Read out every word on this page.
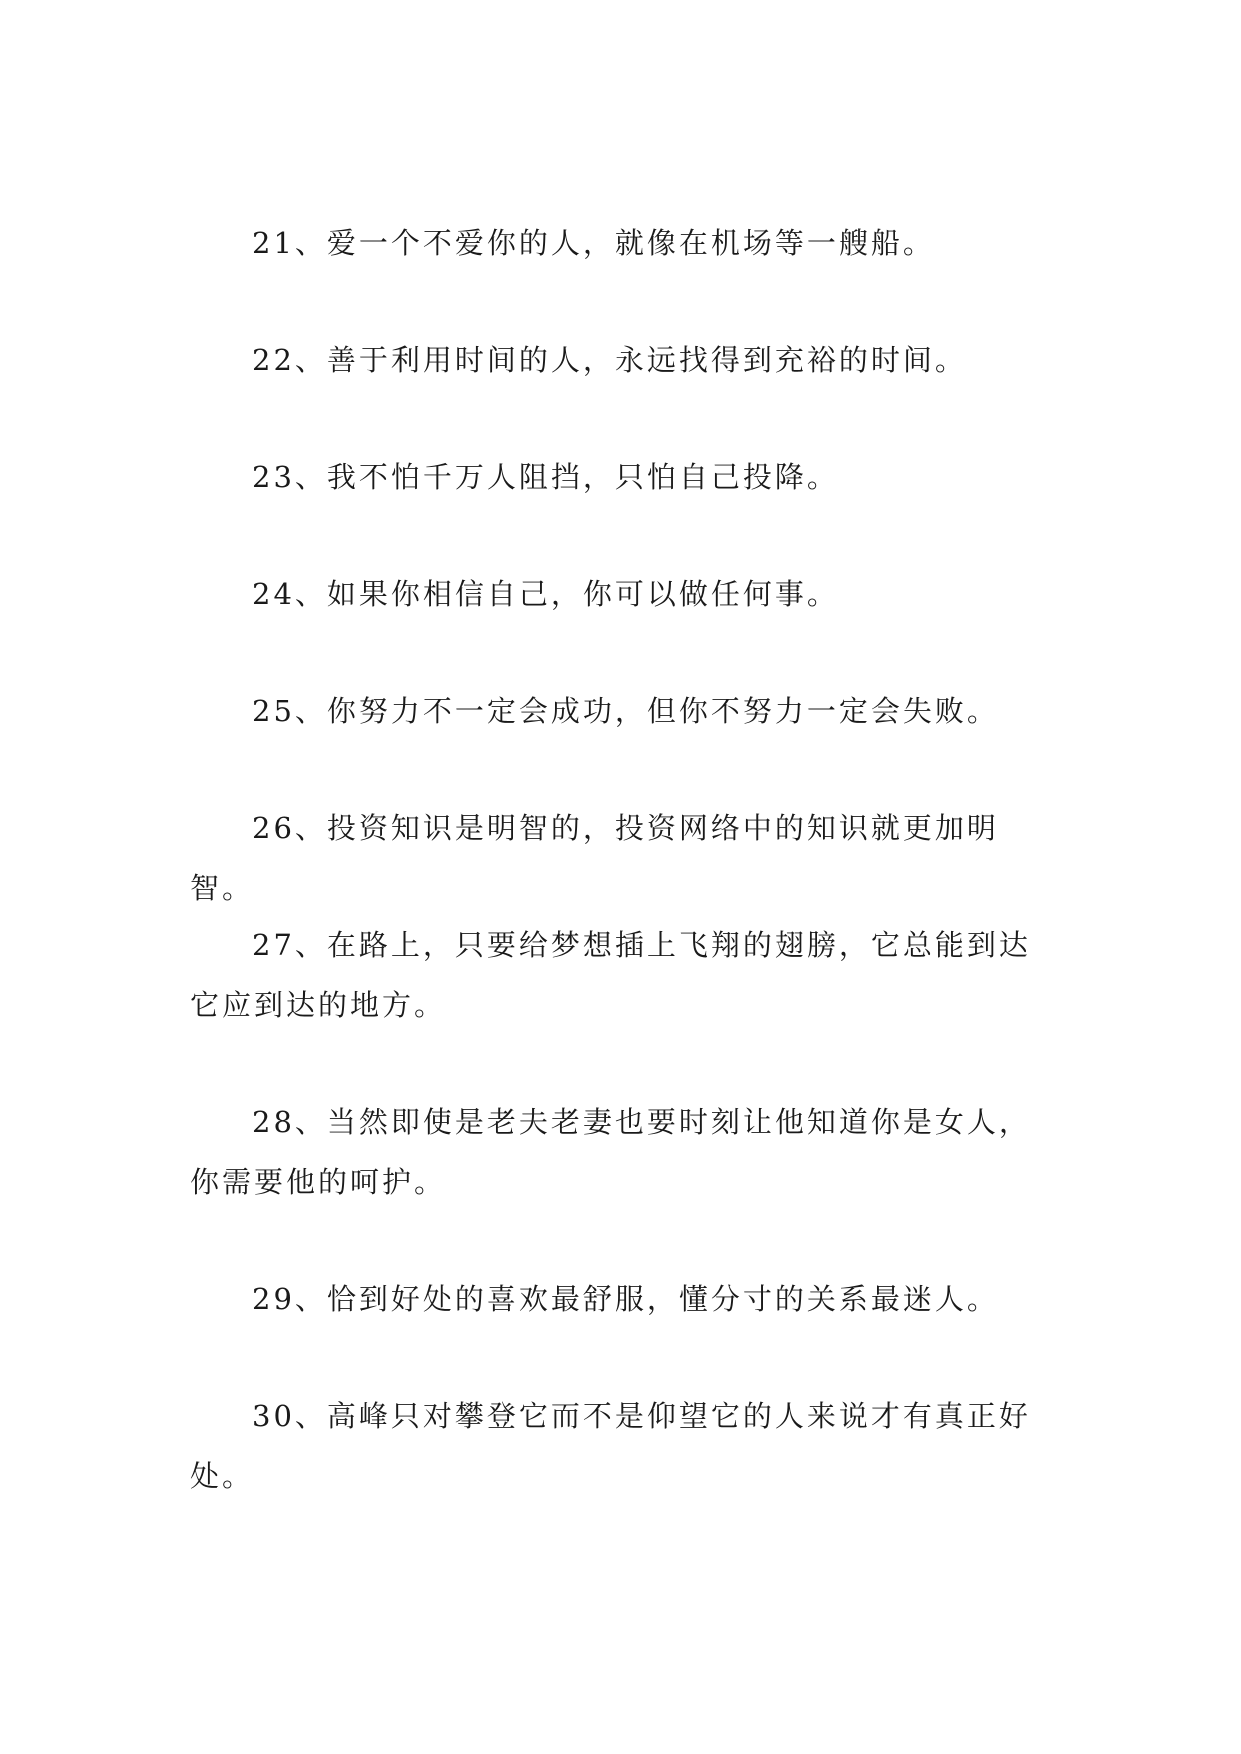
21、爱一个不爱你的人，就像在机场等一艘船。

22、善于利用时间的人，永远找得到充裕的时间。

23、我不怕千万人阻挡，只怕自己投降。

24、如果你相信自己，你可以做任何事。

25、你努力不一定会成功，但你不努力一定会失败。

26、投资知识是明智的，投资网络中的知识就更加明智。

27、在路上，只要给梦想插上飞翔的翅膀，它总能到达它应到达的地方。

28、当然即使是老夫老妻也要时刻让他知道你是女人，你需要他的呵护。

29、恰到好处的喜欢最舒服，懂分寸的关系最迷人。

30、高峰只对攀登它而不是仰望它的人来说才有真正好处。
